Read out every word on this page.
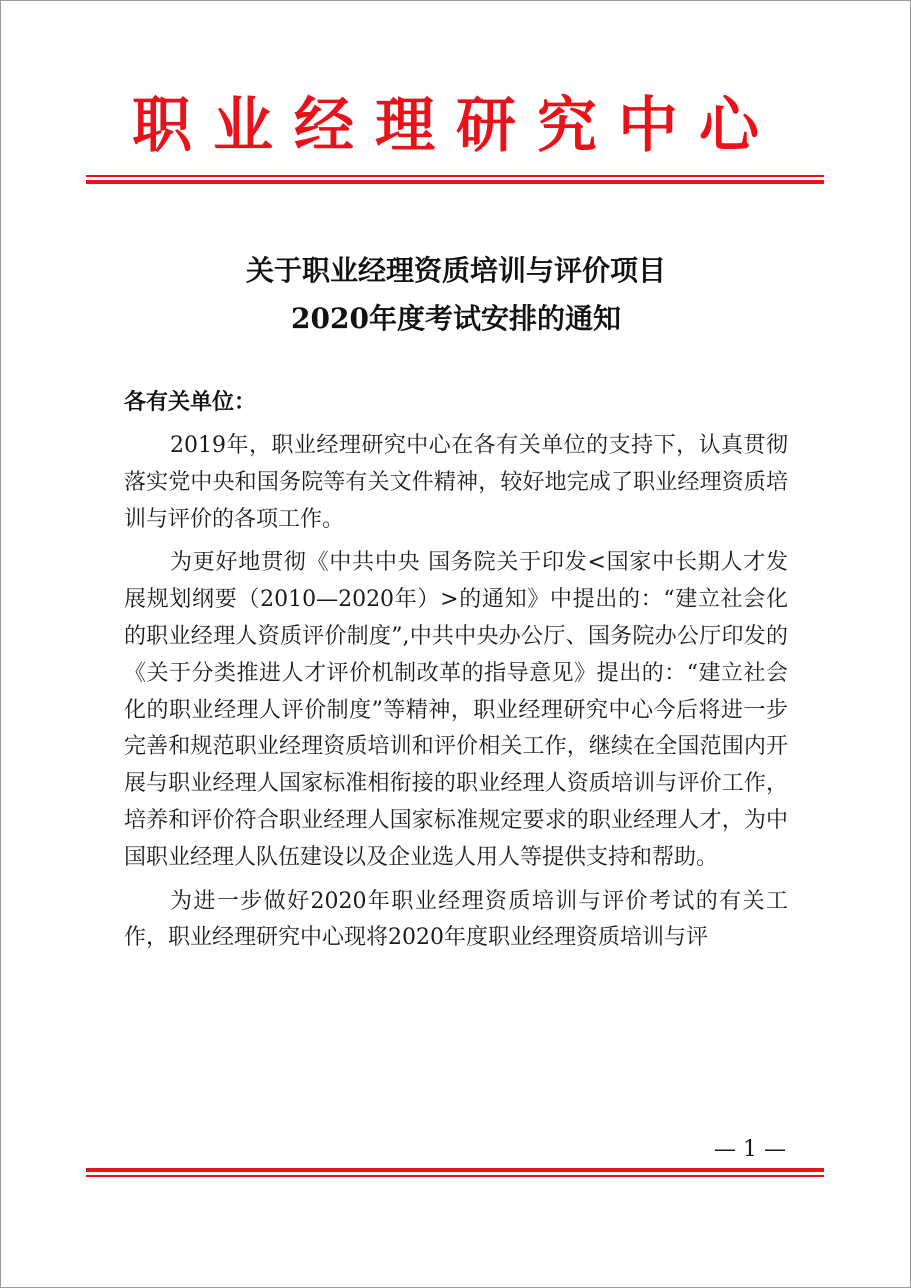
职业经理研究中心
关于职业经理资质培训与评价项目
2020年度考试安排的通知
各有关单位：

2019年，职业经理研究中心在各有关单位的支持下，认真贯彻落实党中央和国务院等有关文件精神，较好地完成了职业经理资质培训与评价的各项工作。

为更好地贯彻《中共中央 国务院关于印发<国家中长期人才发展规划纲要（2010—2020年）>的通知》中提出的：“建立社会化的职业经理人资质评价制度”,中共中央办公厅、国务院办公厅印发的《关于分类推进人才评价机制改革的指导意见》提出的：“建立社会化的职业经理人评价制度”等精神，职业经理研究中心今后将进一步完善和规范职业经理资质培训和评价相关工作，继续在全国范围内开展与职业经理人国家标准相衔接的职业经理人资质培训与评价工作，培养和评价符合职业经理人国家标准规定要求的职业经理人才，为中国职业经理人队伍建设以及企业选人用人等提供支持和帮助。

为进一步做好2020年职业经理资质培训与评价考试的有关工作，职业经理研究中心现将2020年度职业经理资质培训与评

— 1 —
